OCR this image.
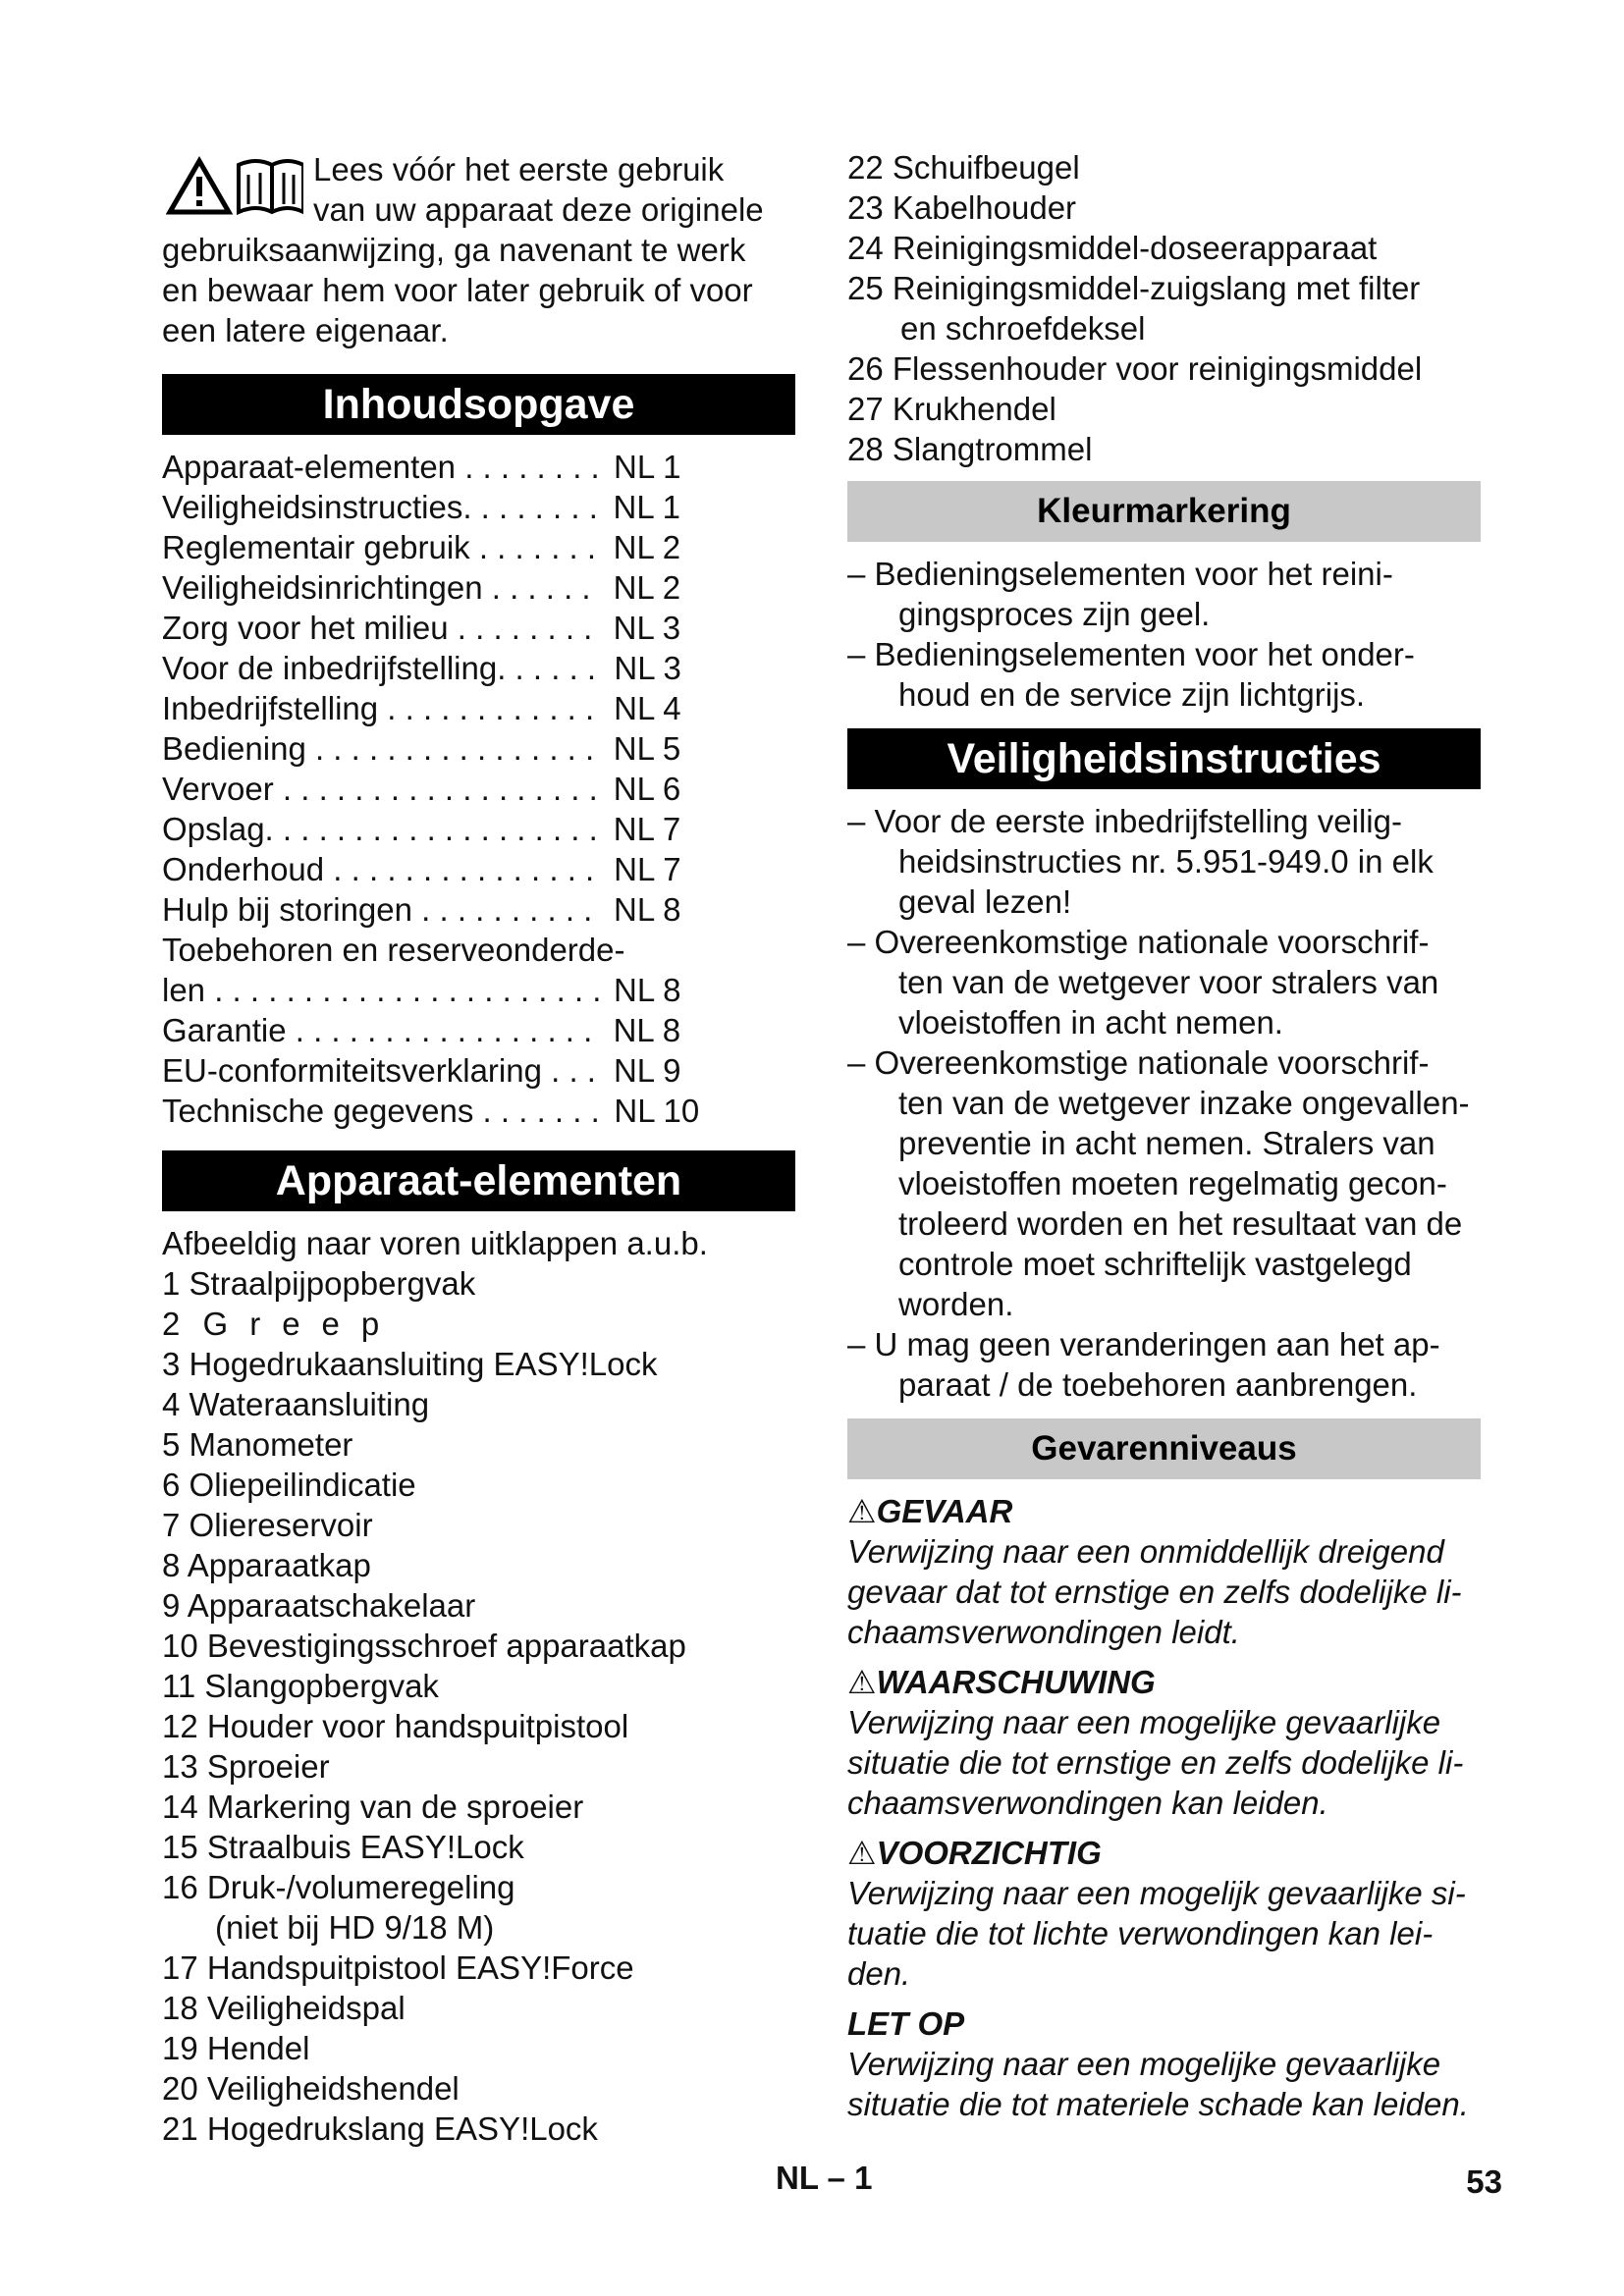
Lees vóór het eerste gebruik

van uw apparaat deze originele

gebruiksaanwijzing, ga navenant te werk

en bewaar hem voor later gebruik of voor

een latere eigenaar.

Inhoudsopgave
Apparaat-elementen . . . . . . . . NL 1
Veiligheidsinstructies. . . . . . . . NL 1
Reglementair gebruik . . . . . . . NL 2
Veiligheidsinrichtingen . . . . . . NL 2
Zorg voor het milieu . . . . . . . . NL 3
Voor de inbedrijfstelling. . . . . . NL 3
Inbedrijfstelling . . . . . . . . . . . . NL 4
Bediening . . . . . . . . . . . . . . . . NL 5
Vervoer . . . . . . . . . . . . . . . . . . NL 6
Opslag. . . . . . . . . . . . . . . . . . . NL 7
Onderhoud . . . . . . . . . . . . . . . NL 7
Hulp bij storingen . . . . . . . . . . NL 8
Toebehoren en reserveonderde-
len . . . . . . . . . . . . . . . . . . . . . . NL 8
Garantie . . . . . . . . . . . . . . . . . NL 8
EU-conformiteitsverklaring . . . NL 9
Technische gegevens . . . . . . . NL 10
Apparaat-elementen

Afbeeldig naar voren uitklappen a.u.b.

1 Straalpijpopbergvak

2 Greep

3 Hogedrukaansluiting EASY!Lock

4 Wateraansluiting

5 Manometer

6 Oliepeilindicatie

7 Oliereservoir

8 Apparaatkap

9 Apparaatschakelaar

10 Bevestigingsschroef apparaatkap

11 Slangopbergvak

12 Houder voor handspuitpistool

13 Sproeier

14 Markering van de sproeier

15 Straalbuis EASY!Lock

16 Druk-/volumeregeling

(niet bij HD 9/18 M)

17 Handspuitpistool EASY!Force

18 Veiligheidspal

19 Hendel

20 Veiligheidshendel

21 Hogedrukslang EASY!Lock

22 Schuifbeugel

23 Kabelhouder

24 Reinigingsmiddel-doseerapparaat

25 Reinigingsmiddel-zuigslang met filter

en schroefdeksel

26 Flessenhouder voor reinigingsmiddel

27 Krukhendel

28 Slangtrommel

Kleurmarkering

– Bedieningselementen voor het reini-

gingsproces zijn geel.

– Bedieningselementen voor het onder-

houd en de service zijn lichtgrijs.

Veiligheidsinstructies

– Voor de eerste inbedrijfstelling veilig-

heidsinstructies nr. 5.951-949.0 in elk

geval lezen!

– Overeenkomstige nationale voorschrif-

ten van de wetgever voor stralers van

vloeistoffen in acht nemen.

– Overeenkomstige nationale voorschrif-

ten van de wetgever inzake ongevallen-

preventie in acht nemen. Stralers van

vloeistoffen moeten regelmatig gecon-

troleerd worden en het resultaat van de

controle moet schriftelijk vastgelegd

worden.

– U mag geen veranderingen aan het ap-

paraat / de toebehoren aanbrengen.

Gevarenniveaus

⚠GEVAAR

Verwijzing naar een onmiddellijk dreigend

gevaar dat tot ernstige en zelfs dodelijke li-

chaamsverwondingen leidt.

⚠WAARSCHUWING

Verwijzing naar een mogelijke gevaarlijke

situatie die tot ernstige en zelfs dodelijke li-

chaamsverwondingen kan leiden.

⚠VOORZICHTIG

Verwijzing naar een mogelijk gevaarlijke si-

tuatie die tot lichte verwondingen kan lei-

den.

LET OP

Verwijzing naar een mogelijke gevaarlijke

situatie die tot materiele schade kan leiden.

NL – 1	53
